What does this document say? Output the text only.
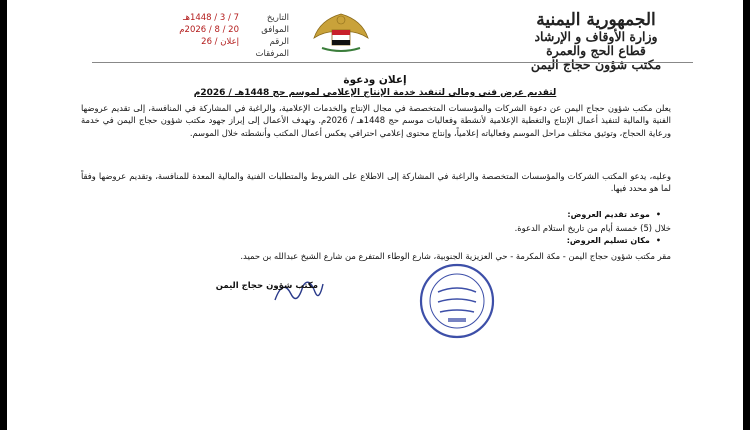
الجمهورية اليمنية
وزارة الأوقاف و الإرشاد
قطاع الحج والعمرة
مكتب شؤون حجاج اليمن
التاريخ
7 / 3 / 1448هـ
الموافق
20 / 8 / 2026م
الرقم
إعلان / 26
المرفقات
إعلان ودعوة
لتقديم عرض فني ومالي لتنفيذ خدمة الإنتاج الإعلامي لموسم حج 1448هـ / 2026م
يعلن مكتب شؤون حجاج اليمن عن دعوة الشركات والمؤسسات المتخصصة في مجال الإنتاج والخدمات الإعلامية، والراغبة في المشاركة في المنافسة، إلى تقديم عروضها الفنية والمالية لتنفيذ أعمال الإنتاج والتغطية الإعلامية لأنشطة وفعاليات موسم حج 1448هـ / 2026م. وتهدف الأعمال إلى إبراز جهود مكتب شؤون حجاج اليمن في خدمة ورعاية الحجاج، وتوثيق مختلف مراحل الموسم وفعالياته إعلامياً، وإنتاج محتوى إعلامي احترافي يعكس أعمال المكتب وأنشطته خلال الموسم.
وعليه، يدعو المكتب الشركات والمؤسسات المتخصصة والراغبة في المشاركة إلى الاطلاع على الشروط والمتطلبات الفنية والمالية المعدة للمنافسة، وتقديم عروضها وفقاً لما هو محدد فيها.
• موعد تقديم العروض:
خلال (5) خمسة أيام من تاريخ استلام الدعوة.
• مكان تسليم العروض:
مقر مكتب شؤون حجاج اليمن - مكة المكرمة - حي العزيزية الجنوبية، شارع الوطاء المتفرع من شارع الشيخ عبدالله بن حميد.
مكتب شؤون حجاج اليمن
